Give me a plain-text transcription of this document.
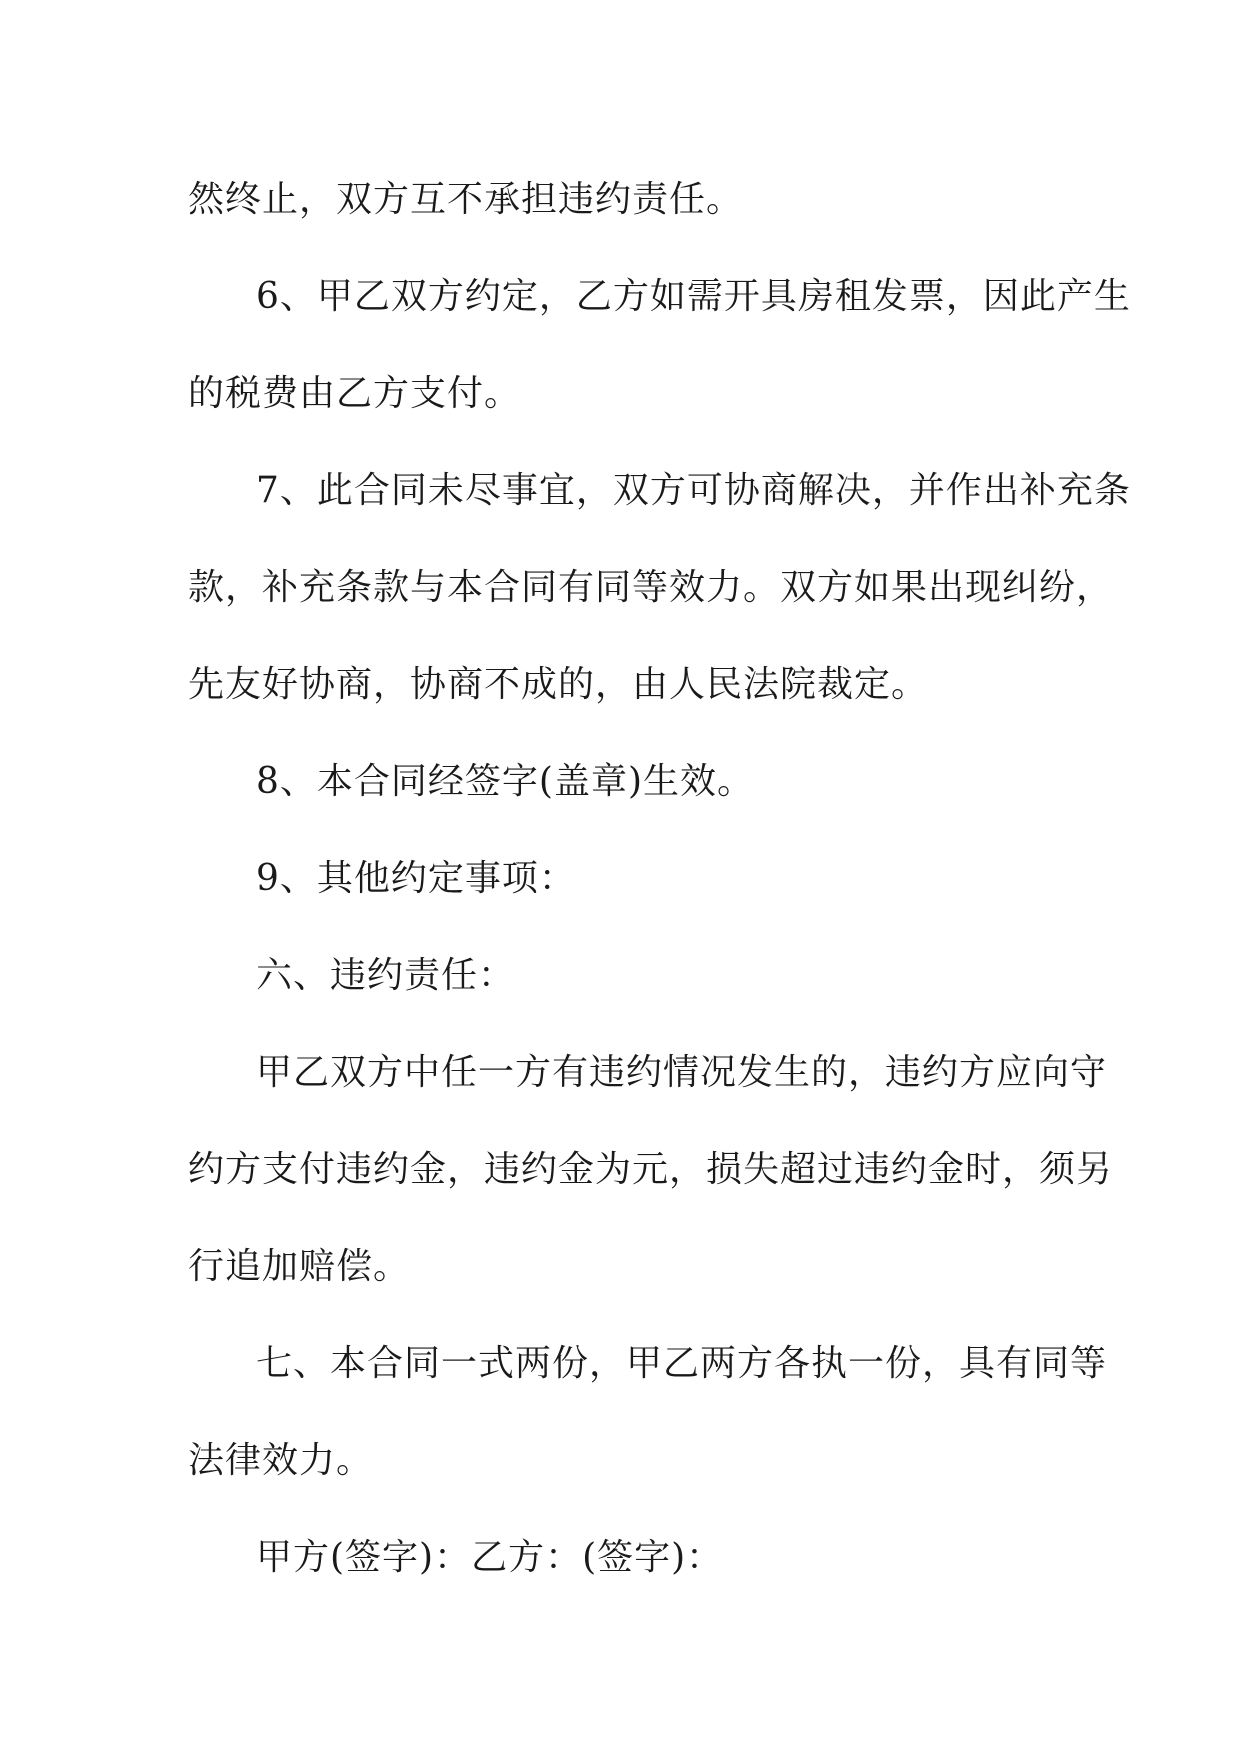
然终止，双方互不承担违约责任。
6、甲乙双方约定，乙方如需开具房租发票，因此产生
的税费由乙方支付。
7、此合同未尽事宜，双方可协商解决，并作出补充条
款，补充条款与本合同有同等效力。双方如果出现纠纷，
先友好协商，协商不成的，由人民法院裁定。
8、本合同经签字(盖章)生效。
9、其他约定事项：
六、违约责任：
甲乙双方中任一方有违约情况发生的，违约方应向守
约方支付违约金，违约金为元，损失超过违约金时，须另
行追加赔偿。
七、本合同一式两份，甲乙两方各执一份，具有同等
法律效力。
甲方(签字)：乙方：(签字)：
